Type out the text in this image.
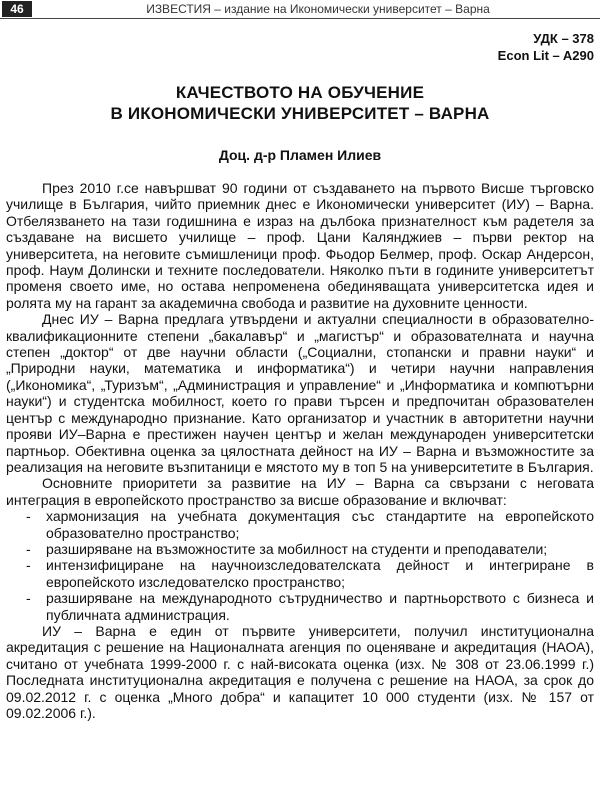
46	ИЗВЕСТИЯ – издание на Икономически университет – Варна
УДК – 378
Econ Lit – A290
КАЧЕСТВОТО НА ОБУЧЕНИЕ
В ИКОНОМИЧЕСКИ УНИВЕРСИТЕТ – ВАРНА
Доц. д-р Пламен Илиев

През 2010 г.се навършват 90 години от създаването на първото Висше търговско училище в България, чийто приемник днес е Икономически университет (ИУ) – Варна. Отбелязването на тази годишнина е израз на дълбока признателност към радетеля за създаване на висшето училище – проф. Цани Калянджиев – първи ректор на университета, на неговите съмишленици проф. Фьодор Белмер, проф. Оскар Андерсон, проф. Наум Долински и техните последователи. Няколко пъти в годините университетът променя своето име, но остава непроменена обединяващата университетска идея и ролята му на гарант за академична свобода и развитие на духовните ценности.

Днес ИУ – Варна предлага утвърдени и актуални специалности в образователно-квалификационните степени „бакалавър“ и „магистър“ и образователната и научна степен „доктор“ от две научни области („Социални, стопански и правни науки“ и „Природни науки, математика и информатика“) и четири научни направления („Икономика“, „Туризъм“, „Администрация и управление“ и „Информатика и компютърни науки“) и студентска мобилност, което го прави търсен и предпочитан образователен център с международно признание. Като организатор и участник в авторитетни научни прояви ИУ–Варна е престижен научен център и желан международен университетски партньор. Обективна оценка за цялостната дейност на ИУ – Варна и възможностите за реализация на неговите възпитаници е мястото му в топ 5 на университетите в България.

Основните приоритети за развитие на ИУ – Варна са свързани с неговата интеграция в европейското пространство за висше образование и включват:

- хармонизация на учебната документация със стандартите на европейското образователно пространство;
- разширяване на възможностите за мобилност на студенти и преподаватели;
- интензифициране на научноизследователската дейност и интегриране в европейското изследователско пространство;
- разширяване на международното сътрудничество и партньорството с бизнеса и публичната администрация.

ИУ – Варна е един от първите университети, получил институционална акредитация с решение на Националната агенция по оценяване и акредитация (НАОА), считано от учебната 1999-2000 г. с най-високата оценка (изх. № 308 от 23.06.1999 г.) Последната институционална акредитация е получена с решение на НАОА, за срок до 09.02.2012 г. с оценка „Много добра“ и капацитет 10 000 студенти (изх. № 157 от 09.02.2006 г.).
